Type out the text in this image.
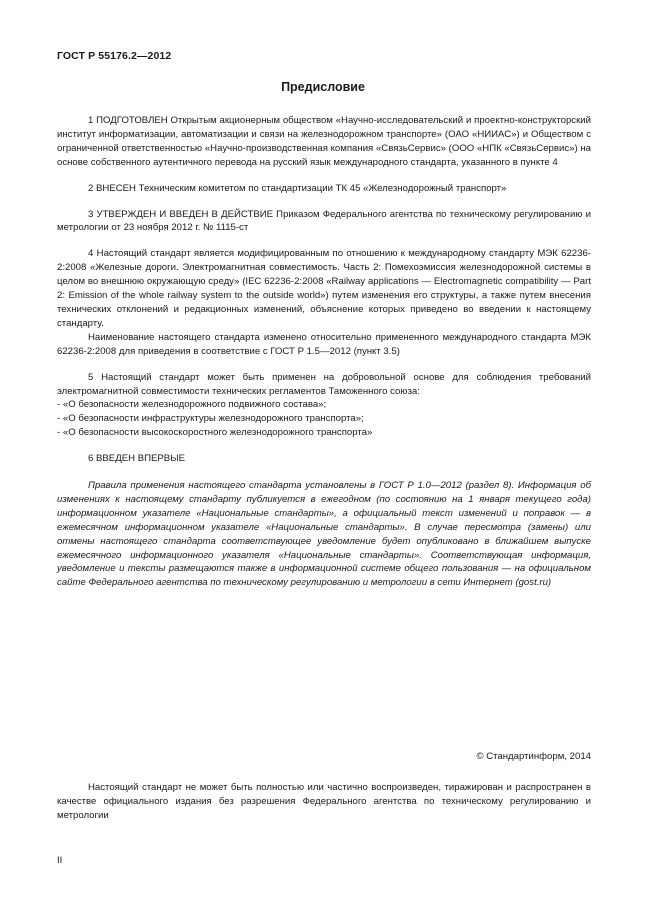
ГОСТ Р 55176.2—2012
Предисловие

1 ПОДГОТОВЛЕН Открытым акционерным обществом «Научно-исследовательский и проектно-конструкторский институт информатизации, автоматизации и связи на железнодорожном транспорте» (ОАО «НИИАС») и Обществом с ограниченной ответственностью «Научно-производственная компания «СвязьСервис» (ООО «НПК «СвязьСервис») на основе собственного аутентичного перевода на русский язык международного стандарта, указанного в пункте 4

2 ВНЕСЕН Техническим комитетом по стандартизации ТК 45 «Железнодорожный транспорт»

3 УТВЕРЖДЕН И ВВЕДЕН В ДЕЙСТВИЕ Приказом Федерального агентства по техническому регулированию и метрологии от 23 ноября 2012 г. № 1115-ст

4 Настоящий стандарт является модифицированным по отношению к международному стандарту МЭК 62236-2:2008 «Железные дороги. Электромагнитная совместимость. Часть 2: Помехоэмиссия железнодорожной системы в целом во внешнюю окружающую среду» (IEC 62236-2:2008 «Railway applications — Electromagnetic compatibility — Part 2: Emission of the whole railway system to the outside world») путем изменения его структуры, а также путем внесения технических отклонений и редакционных изменений, объяснение которых приведено во введении к настоящему стандарту.

Наименование настоящего стандарта изменено относительно примененного международного стандарта МЭК 62236-2:2008 для приведения в соответствие с ГОСТ Р 1.5—2012 (пункт 3.5)

5 Настоящий стандарт может быть применен на добровольной основе для соблюдения требований электромагнитной совместимости технических регламентов Таможенного союза:

- «О безопасности железнодорожного подвижного состава»;

- «О безопасности инфраструктуры железнодорожного транспорта»;

- «О безопасности высокоскоростного железнодорожного транспорта»

6 ВВЕДЕН ВПЕРВЫЕ

Правила применения настоящего стандарта установлены в ГОСТ Р 1.0—2012 (раздел 8). Информация об изменениях к настоящему стандарту публикуется в ежегодном (по состоянию на 1 января текущего года) информационном указателе «Национальные стандарты», а официальный текст изменений и поправок — в ежемесячном информационном указателе «Национальные стандарты». В случае пересмотра (замены) или отмены настоящего стандарта соответствующее уведомление будет опубликовано в ближайшем выпуске ежемесячного информационного указателя «Национальные стандарты». Соответствующая информация, уведомление и тексты размещаются также в информационной системе общего пользования — на официальном сайте Федерального агентства по техническому регулированию и метрологии в сети Интернет (gost.ru)

© Стандартинформ, 2014

Настоящий стандарт не может быть полностью или частично воспроизведен, тиражирован и распространен в качестве официального издания без разрешения Федерального агентства по техническому регулированию и метрологии

II
